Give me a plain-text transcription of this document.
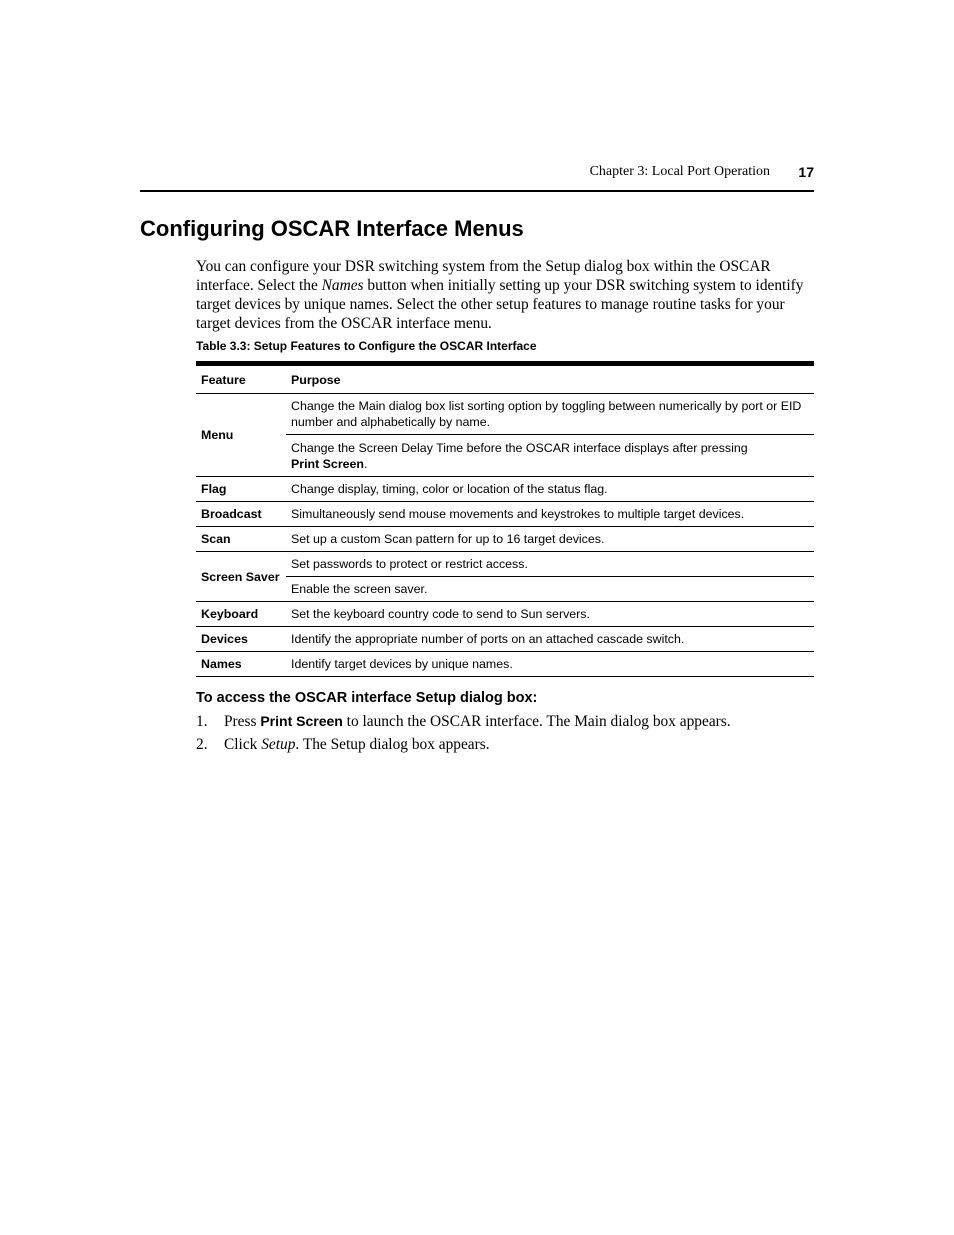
Chapter 3: Local Port Operation 17
Configuring OSCAR Interface Menus

You can configure your DSR switching system from the Setup dialog box within the OSCAR interface. Select the Names button when initially setting up your DSR switching system to identify target devices by unique names. Select the other setup features to manage routine tasks for your target devices from the OSCAR interface menu.

Table 3.3: Setup Features to Configure the OSCAR Interface

Feature	Purpose
Menu	Change the Main dialog box list sorting option by toggling between numerically by port or EID number and alphabetically by name.
	Change the Screen Delay Time before the OSCAR interface displays after pressing
Print Screen.
Flag	Change display, timing, color or location of the status flag.
Broadcast	Simultaneously send mouse movements and keystrokes to multiple target devices.
Scan	Set up a custom Scan pattern for up to 16 target devices.
Screen Saver	Set passwords to protect or restrict access.
	Enable the screen saver.
Keyboard	Set the keyboard country code to send to Sun servers.
Devices	Identify the appropriate number of ports on an attached cascade switch.
Names	Identify target devices by unique names.

To access the OSCAR interface Setup dialog box:

1. Press Print Screen to launch the OSCAR interface. The Main dialog box appears.
2. Click Setup. The Setup dialog box appears.
